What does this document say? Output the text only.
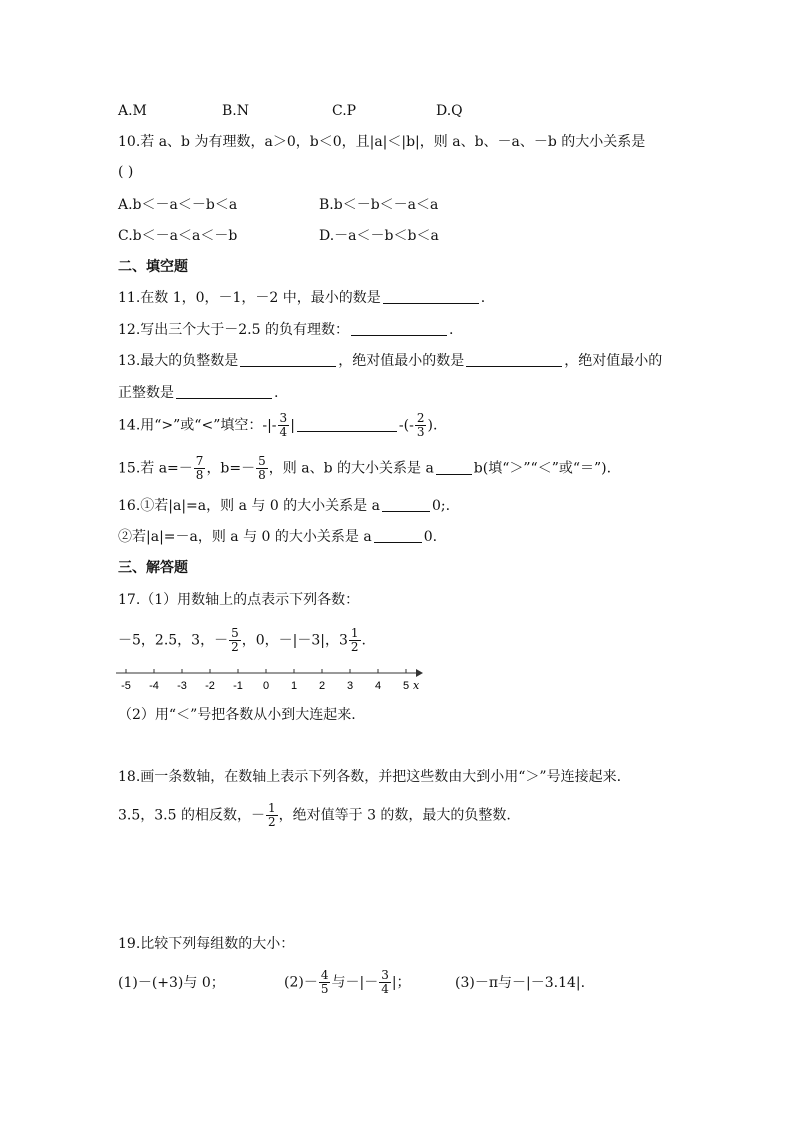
A.M	B.N	C.P	D.Q
10.若 a、b 为有理数，a＞0，b＜0，且|a|＜|b|，则 a、b、－a、－b 的大小关系是
( )
A.b＜－a＜－b＜a	B.b＜－b＜－a＜a
C.b＜－a＜a＜－b	D.－a＜－b＜b＜a
二、填空题
11.在数 1，0，－1，－2 中，最小的数是	.
12.写出三个大于－2.5 的负有理数：	.
13.最大的负整数是	，绝对值最小的数是	，绝对值最小的
正整数是	.
14.用“>”或“<”填空：-|- $\frac{3}{4}$ |	-(- $\frac{2}{3}$ ).
15.若 $a=- \frac{7}{8}$ ，$b=- \frac{5}{8}$ ，则 a、b 的大小关系是 a	b(填“＞”“＜”或“＝”).
16.①若|a|=a，则 a 与 0 的大小关系是 a	0;.
②若|a|=－a，则 a 与 0 的大小关系是 a	0.
三、解答题
17.（1）用数轴上的点表示下列各数：
－5，2.5，3，－ $\frac{5}{2}$ ，0，－|－3|，$3 \frac{1}{2}$ .
-5 -4 -3 -2 -1 0 1 2 3 4 5 x
（2）用“＜”号把各数从小到大连起来.
18.画一条数轴，在数轴上表示下列各数，并把这些数由大到小用“＞”号连接起来.
3.5，3.5 的相反数，－ $\frac{1}{2}$ ，绝对值等于 3 的数，最大的负整数.
19.比较下列每组数的大小：
(1)－(+3)与 0；	$(2)- \frac{4}{5}$ 与－|－ $\frac{3}{4}$ |；	(3)－π与－|－3.14|.
